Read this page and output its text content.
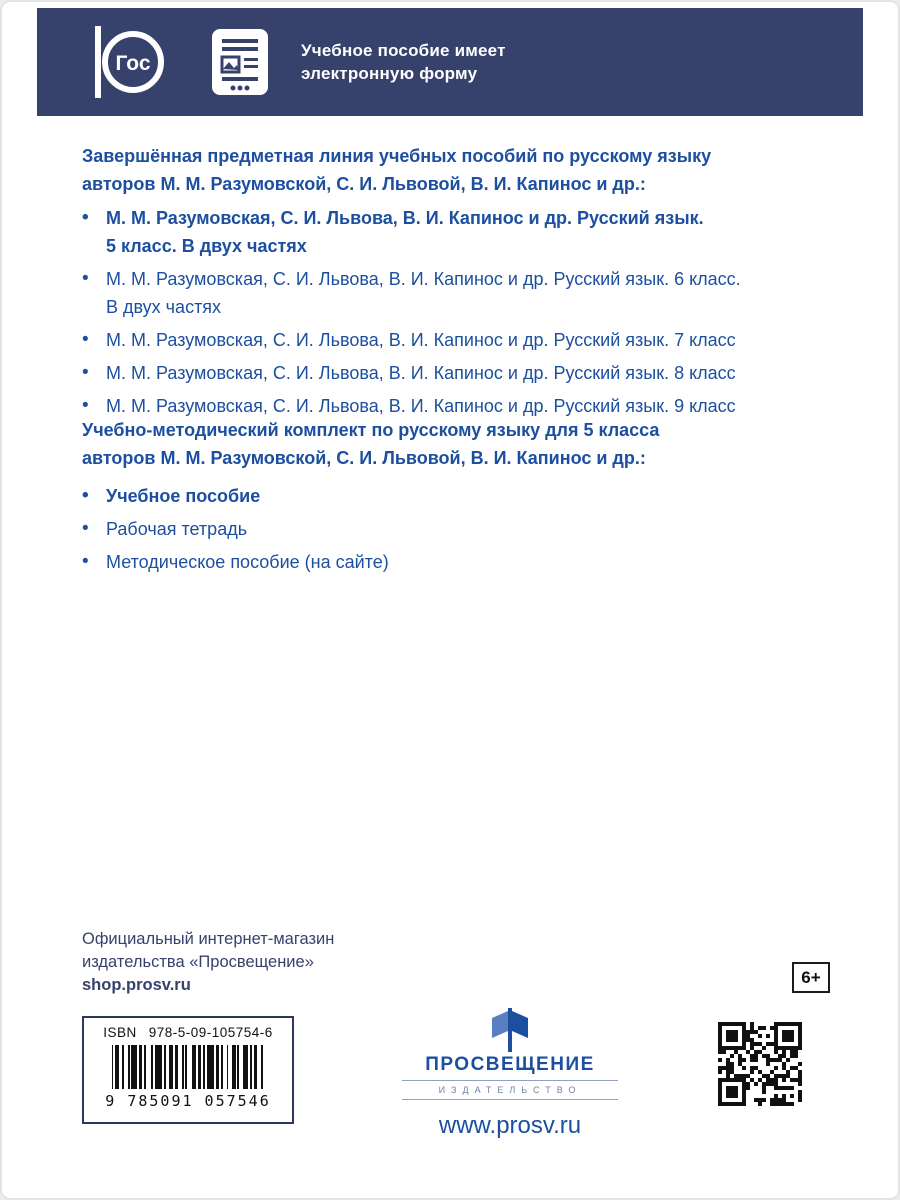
Гос
Учебное пособие имеет
электронную форму
Завершённая предметная линия учебных пособий по русскому языку
авторов М. М. Разумовской, С. И. Львовой, В. И. Капинос и др.:
• М. М. Разумовская, С. И. Львова, В. И. Капинос и др. Русский язык.
5 класс. В двух частях
• М. М. Разумовская, С. И. Львова, В. И. Капинос и др. Русский язык. 6 класс.
В двух частях
• М. М. Разумовская, С. И. Львова, В. И. Капинос и др. Русский язык. 7 класс
• М. М. Разумовская, С. И. Львова, В. И. Капинос и др. Русский язык. 8 класс
• М. М. Разумовская, С. И. Львова, В. И. Капинос и др. Русский язык. 9 класс
Учебно-методический комплект по русскому языку для 5 класса
авторов М. М. Разумовской, С. И. Львовой, В. И. Капинос и др.:
• Учебное пособие
• Рабочая тетрадь
• Методическое пособие (на сайте)
Официальный интернет-магазин
издательства «Просвещение»
shop.prosv.ru	6+
ISBN 978-5-09-105754-6
9 785091 057546
ПРОСВЕЩЕНИЕ
ИЗДАТЕЛЬСТВО
www.prosv.ru
